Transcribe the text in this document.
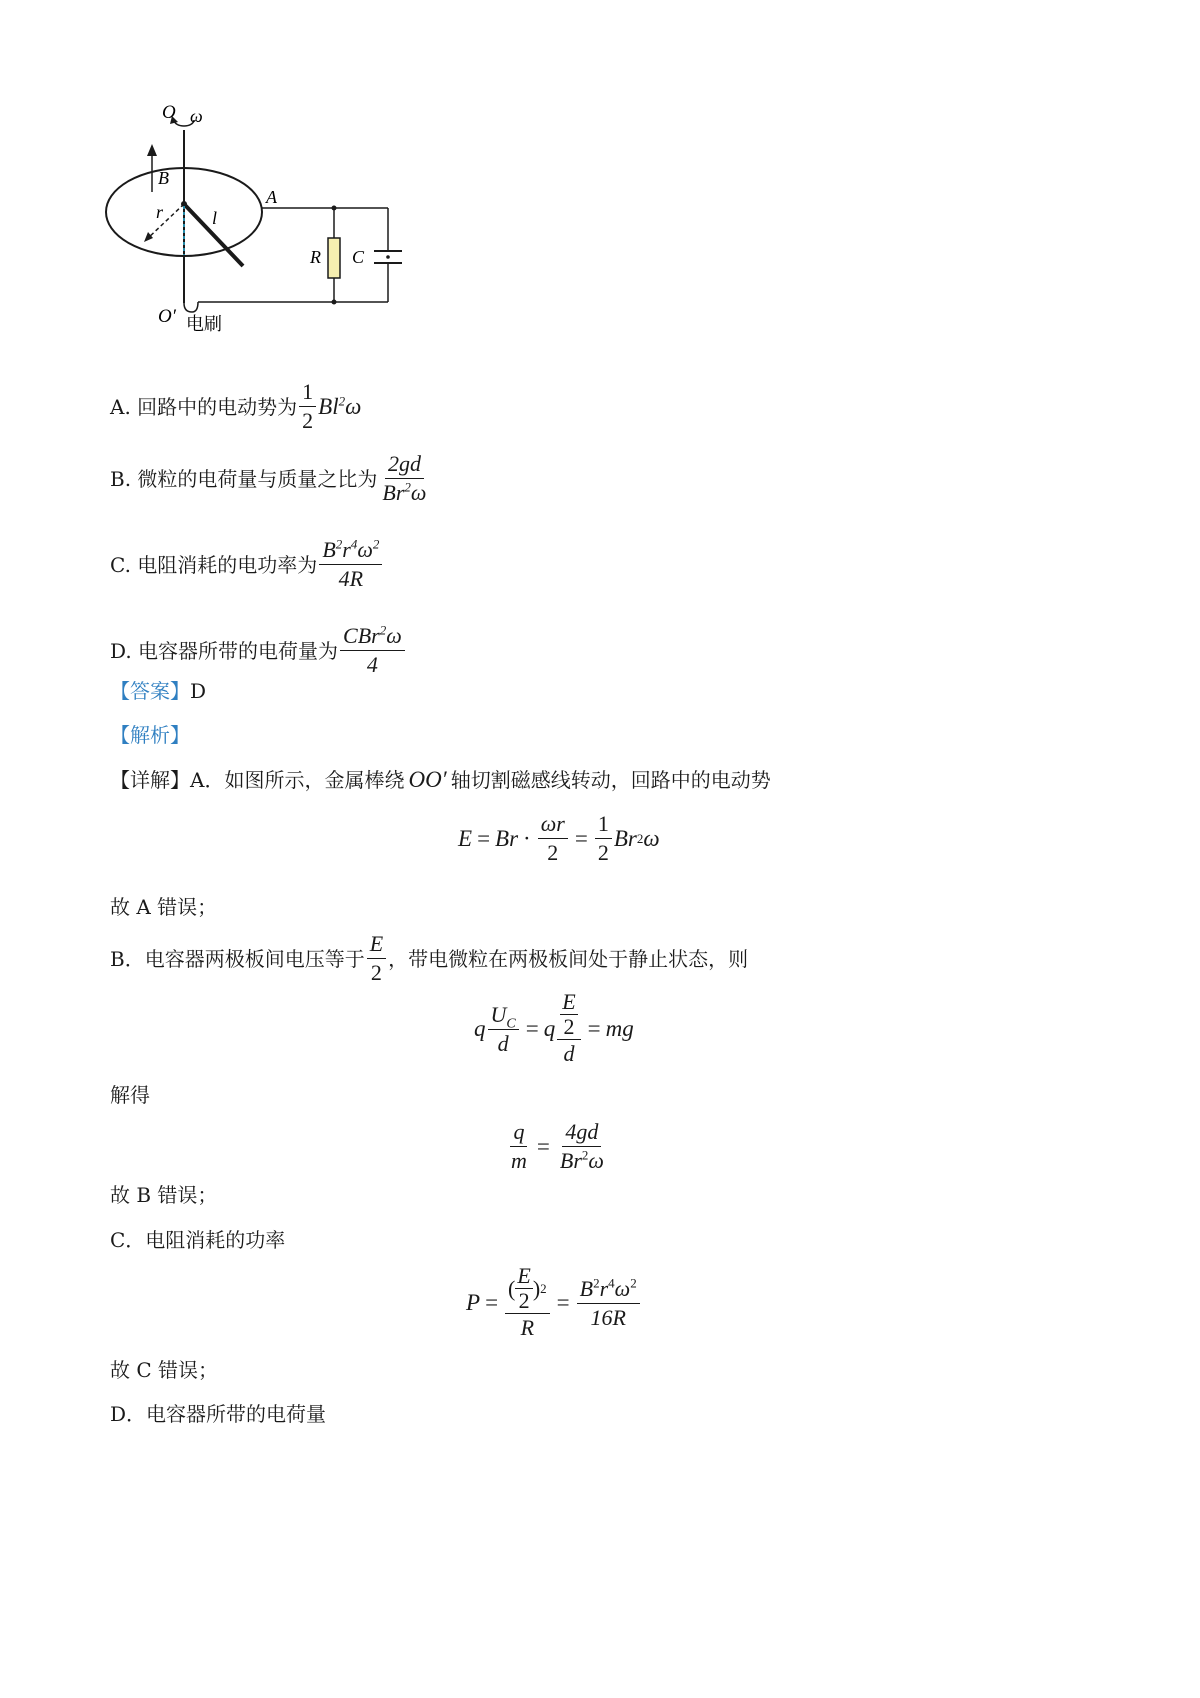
O ω
B
A
r	l
R C
O′ 电刷
A. 回路中的电动势为 $\frac{1}{2} Bl^2\omega$
B. 微粒的电荷量与质量之比为 $\frac{2gd}{Br^2\omega}$
C. 电阻消耗的电功率为 $\frac{B^2r^4\omega^2}{4R}$
D. 电容器所带的电荷量为 $\frac{CBr^2\omega}{4}$
【答案】 D
【解析】
【详解】 A．如图所示，金属棒绕 OO′ 轴切割磁感线转动，回路中的电动势
$E = Br \cdot \frac{\omega r}{2} = \frac{1}{2}$ Br 2 ω
故 A 错误；
B．电容器两极板间电压等于 $\frac{E}{2}$ ，带电微粒在两极板间处于静止状态，则
q $\frac{U_C}{d} = q \frac{\frac{E}{2}}{d}$ = mg
解得
$\frac{q}{m} = \frac{4gd}{Br^2\omega}$
故 B 错误；
C．电阻消耗的功率
$P = \frac{( \frac{E}{2} ) 2}{R} = \frac{B^2r^4\omega^2}{16R}$
故 C 错误；
D．电容器所带的电荷量
